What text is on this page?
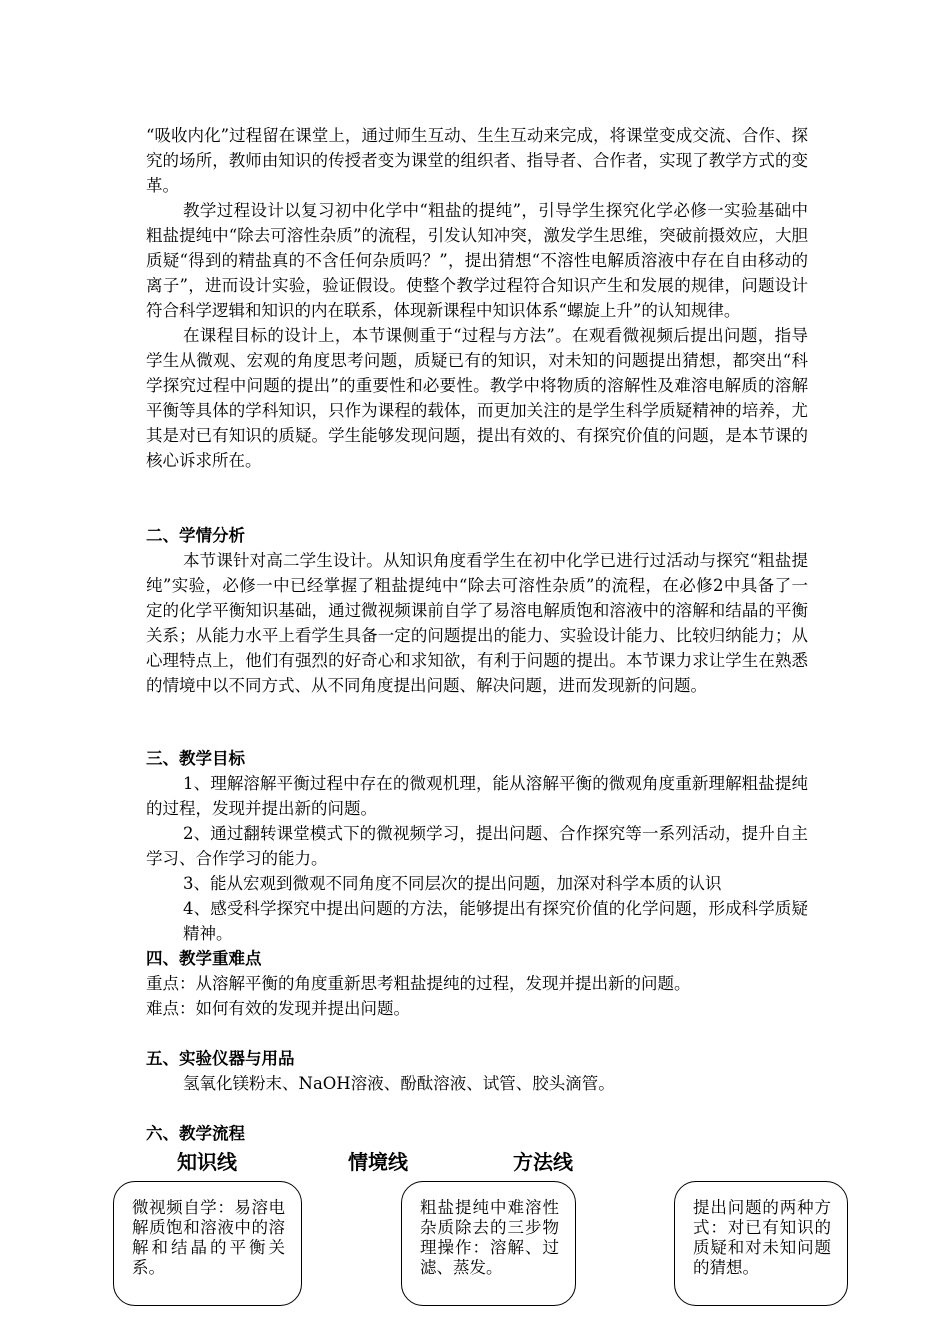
“吸收内化”过程留在课堂上，通过师生互动、生生互动来完成，将课堂变成交流、合作、探究的场所，教师由知识的传授者变为课堂的组织者、指导者、合作者，实现了教学方式的变革。

教学过程设计以复习初中化学中“粗盐的提纯”，引导学生探究化学必修一实验基础中粗盐提纯中“除去可溶性杂质”的流程，引发认知冲突，激发学生思维，突破前摄效应，大胆质疑“得到的精盐真的不含任何杂质吗？”，提出猜想“不溶性电解质溶液中存在自由移动的离子”，进而设计实验，验证假设。使整个教学过程符合知识产生和发展的规律，问题设计符合科学逻辑和知识的内在联系，体现新课程中知识体系“螺旋上升”的认知规律。

在课程目标的设计上，本节课侧重于“过程与方法”。在观看微视频后提出问题，指导学生从微观、宏观的角度思考问题，质疑已有的知识，对未知的问题提出猜想，都突出“科学探究过程中问题的提出”的重要性和必要性。教学中将物质的溶解性及难溶电解质的溶解平衡等具体的学科知识，只作为课程的载体，而更加关注的是学生科学质疑精神的培养，尤其是对已有知识的质疑。学生能够发现问题，提出有效的、有探究价值的问题，是本节课的核心诉求所在。

二、学情分析

本节课针对高二学生设计。从知识角度看学生在初中化学已进行过活动与探究“粗盐提纯”实验，必修一中已经掌握了粗盐提纯中“除去可溶性杂质”的流程，在必修2中具备了一定的化学平衡知识基础，通过微视频课前自学了易溶电解质饱和溶液中的溶解和结晶的平衡关系；从能力水平上看学生具备一定的问题提出的能力、实验设计能力、比较归纳能力；从心理特点上，他们有强烈的好奇心和求知欲，有利于问题的提出。本节课力求让学生在熟悉的情境中以不同方式、从不同角度提出问题、解决问题，进而发现新的问题。

三、教学目标
1、理解溶解平衡过程中存在的微观机理，能从溶解平衡的微观角度重新理解粗盐提纯的过程，发现并提出新的问题。
2、通过翻转课堂模式下的微视频学习，提出问题、合作探究等一系列活动，提升自主学习、合作学习的能力。
3、能从宏观到微观不同角度不同层次的提出问题，加深对科学本质的认识
4、感受科学探究中提出问题的方法，能够提出有探究价值的化学问题，形成科学质疑精神。
四、教学重难点
重点：从溶解平衡的角度重新思考粗盐提纯的过程，发现并提出新的问题。
难点：如何有效的发现并提出问题。
五、实验仪器与用品
氢氧化镁粉末、NaOH溶液、酚酞溶液、试管、胶头滴管。
六、教学流程
知识线	情境线	方法线
微视频自学：易溶电解质饱和溶液中的溶解和结晶的平衡关系。
粗盐提纯中难溶性杂质除去的三步物理操作：溶解、过滤、蒸发。
提出问题的两种方式：对已有知识的质疑和对未知问题的猜想。
